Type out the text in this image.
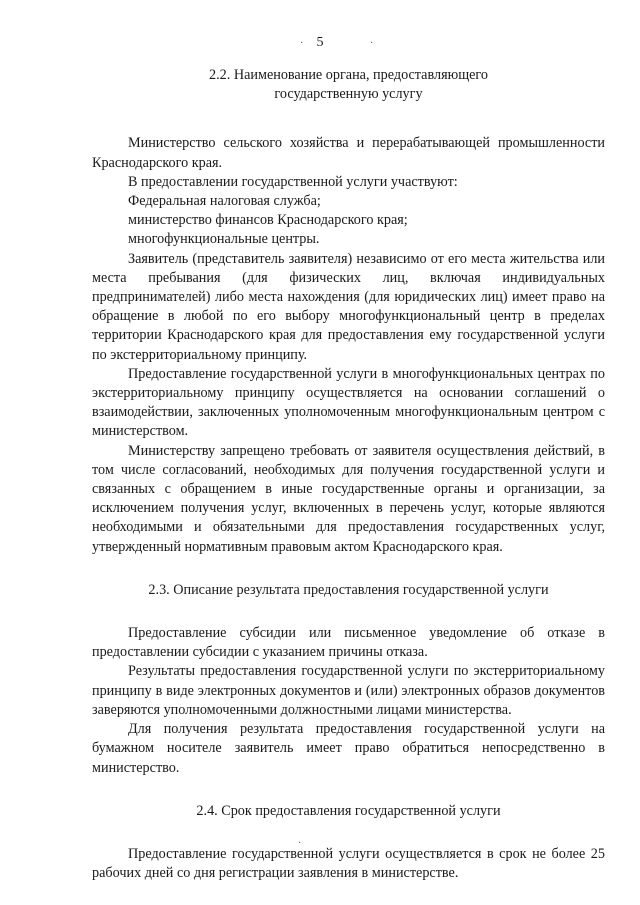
5

2.2. Наименование органа, предоставляющего

государственную услугу

Министерство сельского хозяйства и перерабатывающей промышленности Краснодарского края.

В предоставлении государственной услуги участвуют:

Федеральная налоговая служба;

министерство финансов Краснодарского края;

многофункциональные центры.

Заявитель (представитель заявителя) независимо от его места жительства или места пребывания (для физических лиц, включая индивидуальных предпринимателей) либо места нахождения (для юридических лиц) имеет право на обращение в любой по его выбору многофункциональный центр в пределах территории Краснодарского края для предоставления ему государственной услуги по экстерриториальному принципу.

Предоставление государственной услуги в многофункциональных центрах по экстерриториальному принципу осуществляется на основании соглашений о взаимодействии, заключенных уполномоченным многофункциональным центром с министерством.

Министерству запрещено требовать от заявителя осуществления действий, в том числе согласований, необходимых для получения государственной услуги и связанных с обращением в иные государственные органы и организации, за исключением получения услуг, включенных в перечень услуг, которые являются необходимыми и обязательными для предоставления государственных услуг, утвержденный нормативным правовым актом Краснодарского края.

2.3. Описание результата предоставления государственной услуги

Предоставление субсидии или письменное уведомление об отказе в предоставлении субсидии с указанием причины отказа.

Результаты предоставления государственной услуги по экстерриториальному принципу в виде электронных документов и (или) электронных образов документов заверяются уполномоченными должностными лицами министерства.

Для получения результата предоставления государственной услуги на бумажном носителе заявитель имеет право обратиться непосредственно в министерство.

2.4. Срок предоставления государственной услуги

Предоставление государственной услуги осуществляется в срок не более 25 рабочих дней со дня регистрации заявления в министерстве.

·	·
·
